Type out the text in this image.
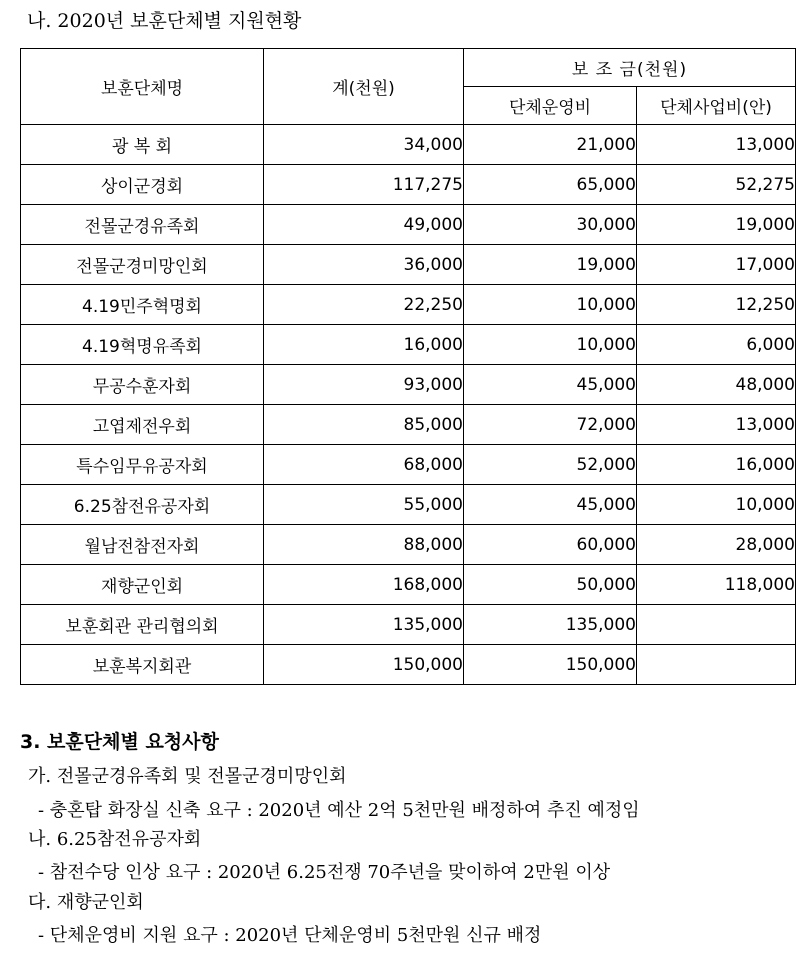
나. 2020년 보훈단체별 지원현황
보훈단체명	계(천원)	보 조 금(천원)	
		단체운영비	단체사업비(안)
광 복 회	34,000	21,000	13,000
상이군경회	117,275	65,000	52,275
전몰군경유족회	49,000	30,000	19,000
전몰군경미망인회	36,000	19,000	17,000
4.19민주혁명회	22,250	10,000	12,250
4.19혁명유족회	16,000	10,000	6,000
무공수훈자회	93,000	45,000	48,000
고엽제전우회	85,000	72,000	13,000
특수임무유공자회	68,000	52,000	16,000
6.25참전유공자회	55,000	45,000	10,000
월남전참전자회	88,000	60,000	28,000
재향군인회	168,000	50,000	118,000
보훈회관 관리협의회	135,000	135,000	
보훈복지회관	150,000	150,000	
3. 보훈단체별 요청사항
가. 전몰군경유족회 및 전몰군경미망인회
- 충혼탑 화장실 신축 요구 : 2020년 예산 2억 5천만원 배정하여 추진 예정임
나. 6.25참전유공자회
- 참전수당 인상 요구 : 2020년 6.25전쟁 70주년을 맞이하여 2만원 이상
다. 재향군인회
- 단체운영비 지원 요구 : 2020년 단체운영비 5천만원 신규 배정
